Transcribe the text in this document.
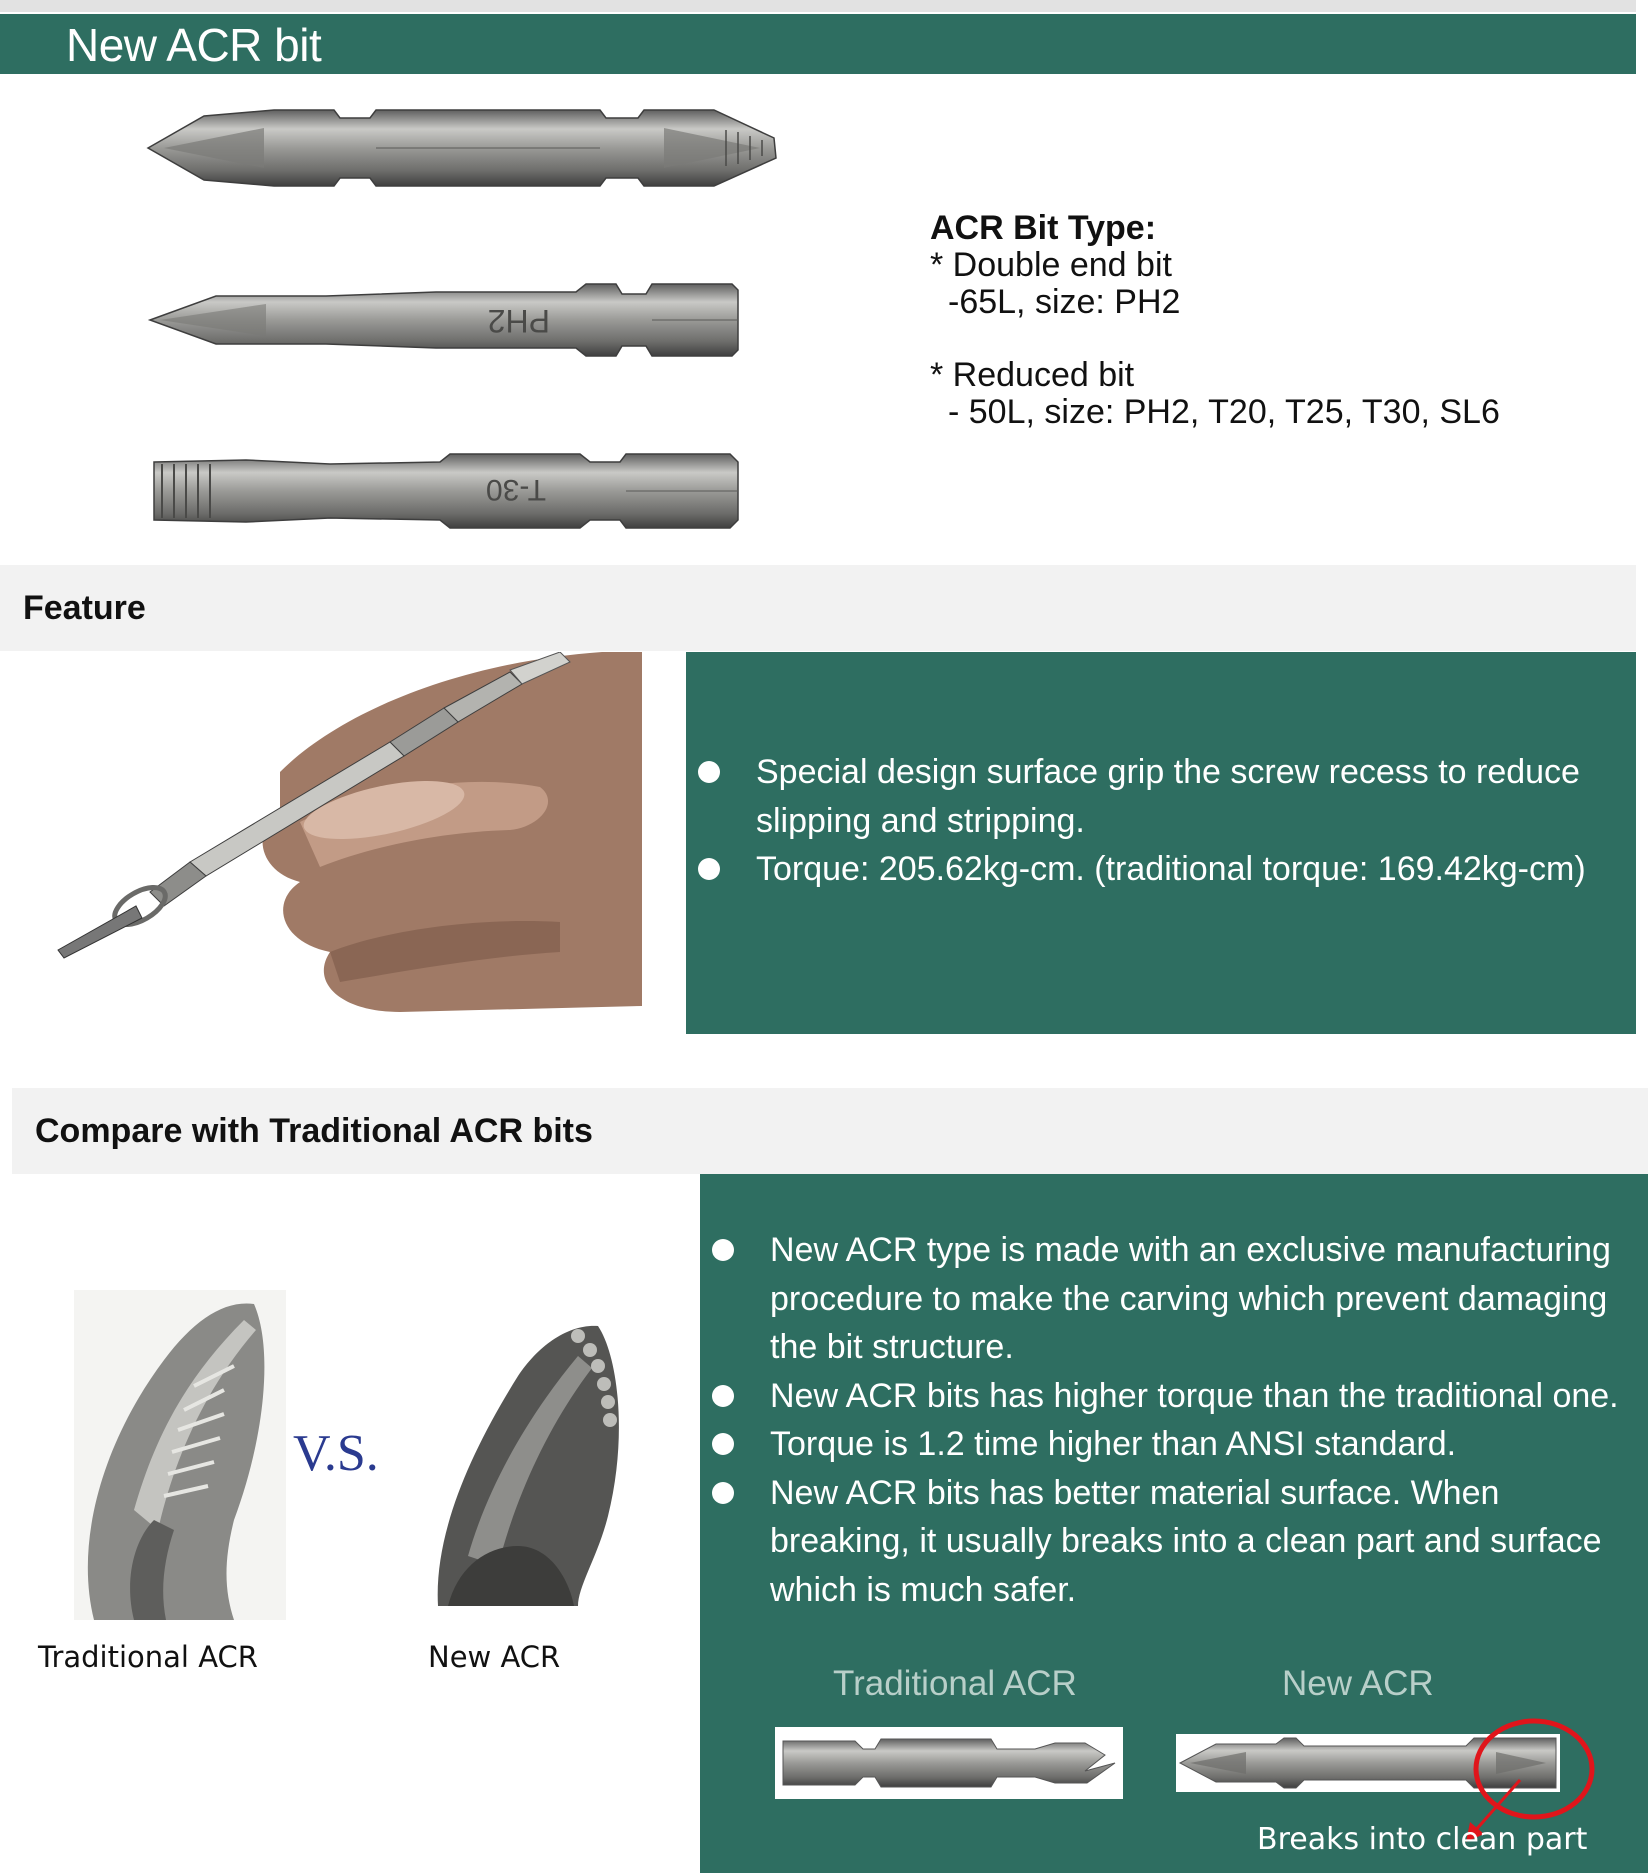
New ACR bit
PH2
T-30
ACR Bit Type:
* Double end bit
-65L, size: PH2
* Reduced bit
- 50L, size: PH2, T20, T25, T30, SL6
Feature
Special design surface grip the screw recess to reduce slipping and stripping.
Torque: 205.62kg-cm. (traditional torque: 169.42kg-cm)
Compare with Traditional ACR bits
V.S.
Traditional ACR	New ACR
New ACR type is made with an exclusive manufacturing procedure to make the carving which prevent damaging the bit structure.
New ACR bits has higher torque than the traditional one.
Torque is 1.2 time higher than ANSI standard.
New ACR bits has better material surface. When breaking, it usually breaks into a clean part and surface which is much safer.
Traditional ACR	New ACR
Breaks into clean part
